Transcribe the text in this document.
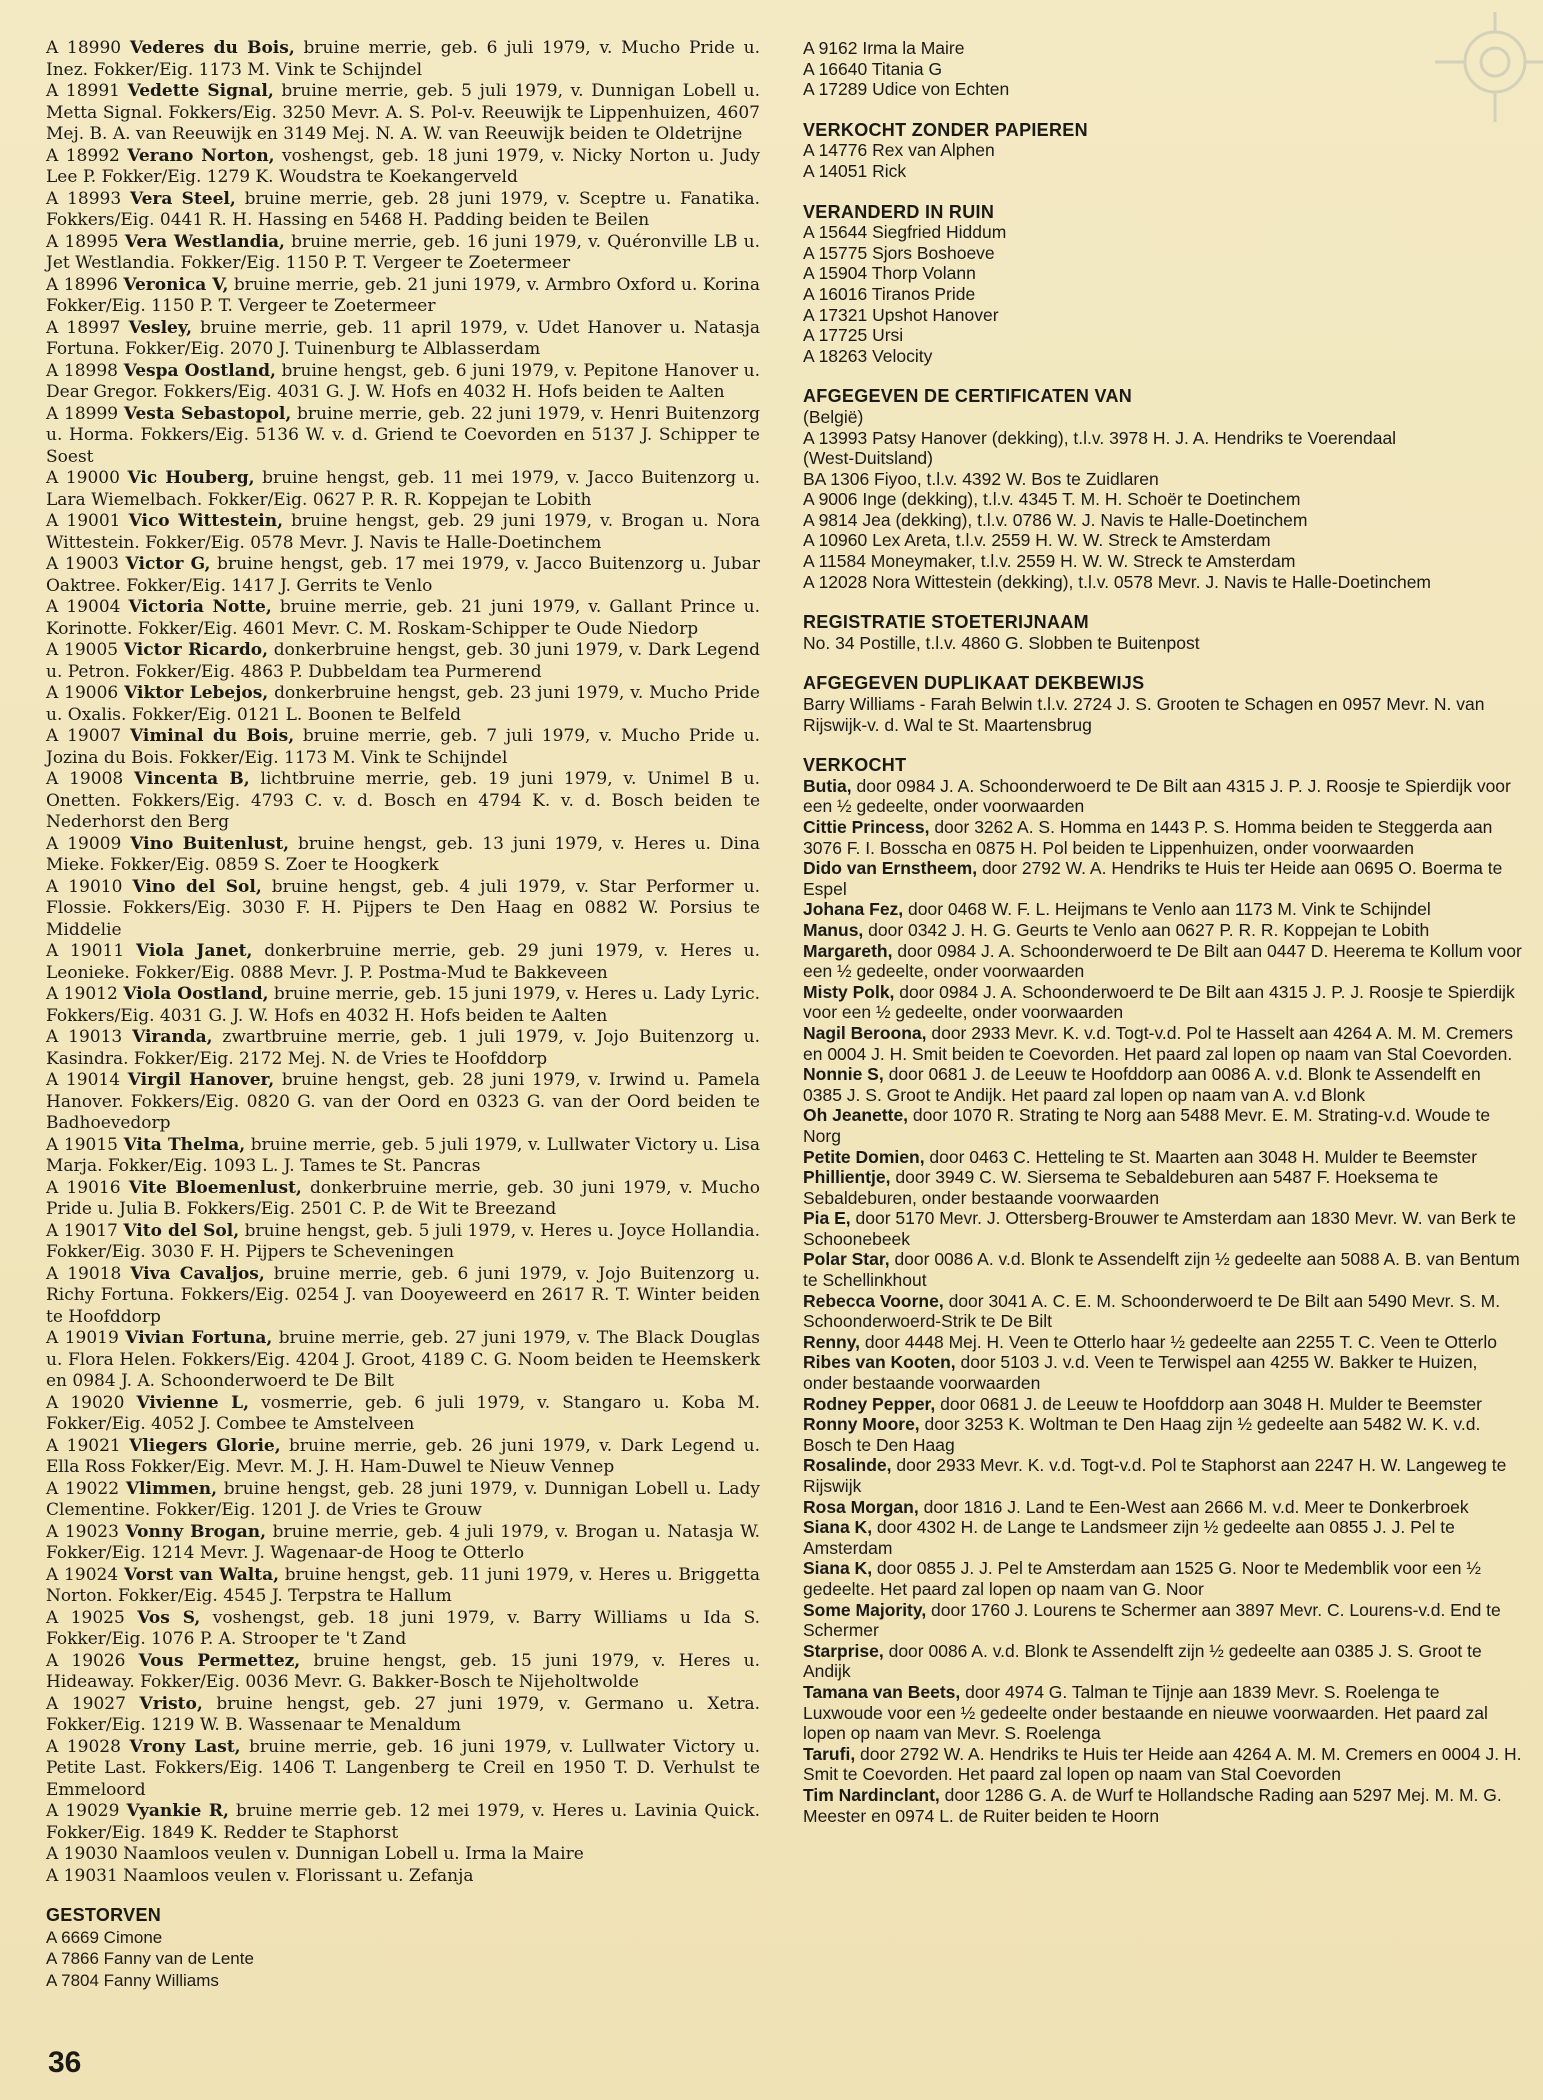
A 18990 Vederes du Bois, bruine merrie, geb. 6 juli 1979, v. Mucho Pride u. Inez. Fokker/Eig. 1173 M. Vink te Schijndel

A 18991 Vedette Signal, bruine merrie, geb. 5 juli 1979, v. Dunnigan Lobell u. Metta Signal. Fokkers/Eig. 3250 Mevr. A. S. Pol-v. Reeuwijk te Lippenhuizen, 4607 Mej. B. A. van Reeuwijk en 3149 Mej. N. A. W. van Reeuwijk beiden te Oldetrijne

A 18992 Verano Norton, voshengst, geb. 18 juni 1979, v. Nicky Norton u. Judy Lee P. Fokker/Eig. 1279 K. Woudstra te Koekangerveld

A 18993 Vera Steel, bruine merrie, geb. 28 juni 1979, v. Sceptre u. Fanatika. Fokkers/Eig. 0441 R. H. Hassing en 5468 H. Padding beiden te Beilen

A 18995 Vera Westlandia, bruine merrie, geb. 16 juni 1979, v. Quéronville LB u. Jet Westlandia. Fokker/Eig. 1150 P. T. Vergeer te Zoetermeer

A 18996 Veronica V, bruine merrie, geb. 21 juni 1979, v. Armbro Oxford u. Korina Fokker/Eig. 1150 P. T. Vergeer te Zoetermeer

A 18997 Vesley, bruine merrie, geb. 11 april 1979, v. Udet Hanover u. Natasja Fortuna. Fokker/Eig. 2070 J. Tuinenburg te Alblasserdam

A 18998 Vespa Oostland, bruine hengst, geb. 6 juni 1979, v. Pepitone Hanover u. Dear Gregor. Fokkers/Eig. 4031 G. J. W. Hofs en 4032 H. Hofs beiden te Aalten

A 18999 Vesta Sebastopol, bruine merrie, geb. 22 juni 1979, v. Henri Buitenzorg u. Horma. Fokkers/Eig. 5136 W. v. d. Griend te Coevorden en 5137 J. Schipper te Soest

A 19000 Vic Houberg, bruine hengst, geb. 11 mei 1979, v. Jacco Buitenzorg u. Lara Wiemelbach. Fokker/Eig. 0627 P. R. R. Koppejan te Lobith

A 19001 Vico Wittestein, bruine hengst, geb. 29 juni 1979, v. Brogan u. Nora Wittestein. Fokker/Eig. 0578 Mevr. J. Navis te Halle-Doetinchem

A 19003 Victor G, bruine hengst, geb. 17 mei 1979, v. Jacco Buitenzorg u. Jubar Oaktree. Fokker/Eig. 1417 J. Gerrits te Venlo

A 19004 Victoria Notte, bruine merrie, geb. 21 juni 1979, v. Gallant Prince u. Korinotte. Fokker/Eig. 4601 Mevr. C. M. Roskam-Schipper te Oude Niedorp

A 19005 Victor Ricardo, donkerbruine hengst, geb. 30 juni 1979, v. Dark Legend u. Petron. Fokker/Eig. 4863 P. Dubbeldam tea Purmerend

A 19006 Viktor Lebejos, donkerbruine hengst, geb. 23 juni 1979, v. Mucho Pride u. Oxalis. Fokker/Eig. 0121 L. Boonen te Belfeld

A 19007 Viminal du Bois, bruine merrie, geb. 7 juli 1979, v. Mucho Pride u. Jozina du Bois. Fokker/Eig. 1173 M. Vink te Schijndel

A 19008 Vincenta B, lichtbruine merrie, geb. 19 juni 1979, v. Unimel B u. Onetten. Fokkers/Eig. 4793 C. v. d. Bosch en 4794 K. v. d. Bosch beiden te Nederhorst den Berg

A 19009 Vino Buitenlust, bruine hengst, geb. 13 juni 1979, v. Heres u. Dina Mieke. Fokker/Eig. 0859 S. Zoer te Hoogkerk

A 19010 Vino del Sol, bruine hengst, geb. 4 juli 1979, v. Star Performer u. Flossie. Fokkers/Eig. 3030 F. H. Pijpers te Den Haag en 0882 W. Porsius te Middelie

A 19011 Viola Janet, donkerbruine merrie, geb. 29 juni 1979, v. Heres u. Leonieke. Fokker/Eig. 0888 Mevr. J. P. Postma-Mud te Bakkeveen

A 19012 Viola Oostland, bruine merrie, geb. 15 juni 1979, v. Heres u. Lady Lyric. Fokkers/Eig. 4031 G. J. W. Hofs en 4032 H. Hofs beiden te Aalten

A 19013 Viranda, zwartbruine merrie, geb. 1 juli 1979, v. Jojo Buitenzorg u. Kasindra. Fokker/Eig. 2172 Mej. N. de Vries te Hoofddorp

A 19014 Virgil Hanover, bruine hengst, geb. 28 juni 1979, v. Irwind u. Pamela Hanover. Fokkers/Eig. 0820 G. van der Oord en 0323 G. van der Oord beiden te Badhoevedorp

A 19015 Vita Thelma, bruine merrie, geb. 5 juli 1979, v. Lullwater Victory u. Lisa Marja. Fokker/Eig. 1093 L. J. Tames te St. Pancras

A 19016 Vite Bloemenlust, donkerbruine merrie, geb. 30 juni 1979, v. Mucho Pride u. Julia B. Fokkers/Eig. 2501 C. P. de Wit te Breezand

A 19017 Vito del Sol, bruine hengst, geb. 5 juli 1979, v. Heres u. Joyce Hollandia. Fokker/Eig. 3030 F. H. Pijpers te Scheveningen

A 19018 Viva Cavaljos, bruine merrie, geb. 6 juni 1979, v. Jojo Buitenzorg u. Richy Fortuna. Fokkers/Eig. 0254 J. van Dooyeweerd en 2617 R. T. Winter beiden te Hoofddorp

A 19019 Vivian Fortuna, bruine merrie, geb. 27 juni 1979, v. The Black Douglas u. Flora Helen. Fokkers/Eig. 4204 J. Groot, 4189 C. G. Noom beiden te Heemskerk en 0984 J. A. Schoonderwoerd te De Bilt

A 19020 Vivienne L, vosmerrie, geb. 6 juli 1979, v. Stangaro u. Koba M. Fokker/Eig. 4052 J. Combee te Amstelveen

A 19021 Vliegers Glorie, bruine merrie, geb. 26 juni 1979, v. Dark Legend u. Ella Ross Fokker/Eig. Mevr. M. J. H. Ham-Duwel te Nieuw Vennep

A 19022 Vlimmen, bruine hengst, geb. 28 juni 1979, v. Dunnigan Lobell u. Lady Clementine. Fokker/Eig. 1201 J. de Vries te Grouw

A 19023 Vonny Brogan, bruine merrie, geb. 4 juli 1979, v. Brogan u. Natasja W. Fokker/Eig. 1214 Mevr. J. Wagenaar-de Hoog te Otterlo

A 19024 Vorst van Walta, bruine hengst, geb. 11 juni 1979, v. Heres u. Briggetta Norton. Fokker/Eig. 4545 J. Terpstra te Hallum

A 19025 Vos S, voshengst, geb. 18 juni 1979, v. Barry Williams u Ida S. Fokker/Eig. 1076 P. A. Strooper te 't Zand

A 19026 Vous Permettez, bruine hengst, geb. 15 juni 1979, v. Heres u. Hideaway. Fokker/Eig. 0036 Mevr. G. Bakker-Bosch te Nijeholtwolde

A 19027 Vristo, bruine hengst, geb. 27 juni 1979, v. Germano u. Xetra. Fokker/Eig. 1219 W. B. Wassenaar te Menaldum

A 19028 Vrony Last, bruine merrie, geb. 16 juni 1979, v. Lullwater Victory u. Petite Last. Fokkers/Eig. 1406 T. Langenberg te Creil en 1950 T. D. Verhulst te Emmeloord

A 19029 Vyankie R, bruine merrie geb. 12 mei 1979, v. Heres u. Lavinia Quick. Fokker/Eig. 1849 K. Redder te Staphorst

A 19030 Naamloos veulen v. Dunnigan Lobell u. Irma la Maire

A 19031 Naamloos veulen v. Florissant u. Zefanja

GESTORVEN
A 6669 Cimone
A 7866 Fanny van de Lente
A 7804 Fanny Williams
A 9162 Irma la Maire
A 16640 Titania G
A 17289 Udice von Echten
VERKOCHT ZONDER PAPIEREN
A 14776 Rex van Alphen
A 14051 Rick
VERANDERD IN RUIN
A 15644 Siegfried Hiddum
A 15775 Sjors Boshoeve
A 15904 Thorp Volann
A 16016 Tiranos Pride
A 17321 Upshot Hanover
A 17725 Ursi
A 18263 Velocity
AFGEGEVEN DE CERTIFICATEN VAN
(België)
A 13993 Patsy Hanover (dekking), t.l.v. 3978 H. J. A. Hendriks te Voerendaal
(West-Duitsland)
BA 1306 Fiyoo, t.l.v. 4392 W. Bos te Zuidlaren
A 9006 Inge (dekking), t.l.v. 4345 T. M. H. Schoër te Doetinchem
A 9814 Jea (dekking), t.l.v. 0786 W. J. Navis te Halle-Doetinchem
A 10960 Lex Areta, t.l.v. 2559 H. W. W. Streck te Amsterdam
A 11584 Moneymaker, t.l.v. 2559 H. W. W. Streck te Amsterdam
A 12028 Nora Wittestein (dekking), t.l.v. 0578 Mevr. J. Navis te Halle-Doetinchem
REGISTRATIE STOETERIJNAAM
No. 34 Postille, t.l.v. 4860 G. Slobben te Buitenpost
AFGEGEVEN DUPLIKAAT DEKBEWIJS
Barry Williams - Farah Belwin t.l.v. 2724 J. S. Grooten te Schagen en 0957 Mevr. N. van Rijswijk-v. d. Wal te St. Maartensbrug
VERKOCHT

Butia, door 0984 J. A. Schoonderwoerd te De Bilt aan 4315 J. P. J. Roosje te Spierdijk voor een ½ gedeelte, onder voorwaarden

Cittie Princess, door 3262 A. S. Homma en 1443 P. S. Homma beiden te Steggerda aan 3076 F. I. Bosscha en 0875 H. Pol beiden te Lippenhuizen, onder voorwaarden

Dido van Ernstheem, door 2792 W. A. Hendriks te Huis ter Heide aan 0695 O. Boerma te Espel

Johana Fez, door 0468 W. F. L. Heijmans te Venlo aan 1173 M. Vink te Schijndel

Manus, door 0342 J. H. G. Geurts te Venlo aan 0627 P. R. R. Koppejan te Lobith

Margareth, door 0984 J. A. Schoonderwoerd te De Bilt aan 0447 D. Heerema te Kollum voor een ½ gedeelte, onder voorwaarden

Misty Polk, door 0984 J. A. Schoonderwoerd te De Bilt aan 4315 J. P. J. Roosje te Spierdijk voor een ½ gedeelte, onder voorwaarden

Nagil Beroona, door 2933 Mevr. K. v.d. Togt-v.d. Pol te Hasselt aan 4264 A. M. M. Cremers en 0004 J. H. Smit beiden te Coevorden. Het paard zal lopen op naam van Stal Coevorden.

Nonnie S, door 0681 J. de Leeuw te Hoofddorp aan 0086 A. v.d. Blonk te Assendelft en 0385 J. S. Groot te Andijk. Het paard zal lopen op naam van A. v.d Blonk

Oh Jeanette, door 1070 R. Strating te Norg aan 5488 Mevr. E. M. Strating-v.d. Woude te Norg

Petite Domien, door 0463 C. Hetteling te St. Maarten aan 3048 H. Mulder te Beemster

Phillientje, door 3949 C. W. Siersema te Sebaldeburen aan 5487 F. Hoeksema te Sebaldeburen, onder bestaande voorwaarden

Pia E, door 5170 Mevr. J. Ottersberg-Brouwer te Amsterdam aan 1830 Mevr. W. van Berk te Schoonebeek

Polar Star, door 0086 A. v.d. Blonk te Assendelft zijn ½ gedeelte aan 5088 A. B. van Bentum te Schellinkhout

Rebecca Voorne, door 3041 A. C. E. M. Schoonderwoerd te De Bilt aan 5490 Mevr. S. M. Schoonderwoerd-Strik te De Bilt

Renny, door 4448 Mej. H. Veen te Otterlo haar ½ gedeelte aan 2255 T. C. Veen te Otterlo

Ribes van Kooten, door 5103 J. v.d. Veen te Terwispel aan 4255 W. Bakker te Huizen, onder bestaande voorwaarden

Rodney Pepper, door 0681 J. de Leeuw te Hoofddorp aan 3048 H. Mulder te Beemster

Ronny Moore, door 3253 K. Woltman te Den Haag zijn ½ gedeelte aan 5482 W. K. v.d. Bosch te Den Haag

Rosalinde, door 2933 Mevr. K. v.d. Togt-v.d. Pol te Staphorst aan 2247 H. W. Langeweg te Rijswijk

Rosa Morgan, door 1816 J. Land te Een-West aan 2666 M. v.d. Meer te Donkerbroek

Siana K, door 4302 H. de Lange te Landsmeer zijn ½ gedeelte aan 0855 J. J. Pel te Amsterdam

Siana K, door 0855 J. J. Pel te Amsterdam aan 1525 G. Noor te Medemblik voor een ½ gedeelte. Het paard zal lopen op naam van G. Noor

Some Majority, door 1760 J. Lourens te Schermer aan 3897 Mevr. C. Lourens-v.d. End te Schermer

Starprise, door 0086 A. v.d. Blonk te Assendelft zijn ½ gedeelte aan 0385 J. S. Groot te Andijk

Tamana van Beets, door 4974 G. Talman te Tijnje aan 1839 Mevr. S. Roelenga te Luxwoude voor een ½ gedeelte onder bestaande en nieuwe voorwaarden. Het paard zal lopen op naam van Mevr. S. Roelenga

Tarufi, door 2792 W. A. Hendriks te Huis ter Heide aan 4264 A. M. M. Cremers en 0004 J. H. Smit te Coevorden. Het paard zal lopen op naam van Stal Coevorden

Tim Nardinclant, door 1286 G. A. de Wurf te Hollandsche Rading aan 5297 Mej. M. M. G. Meester en 0974 L. de Ruiter beiden te Hoorn

36
